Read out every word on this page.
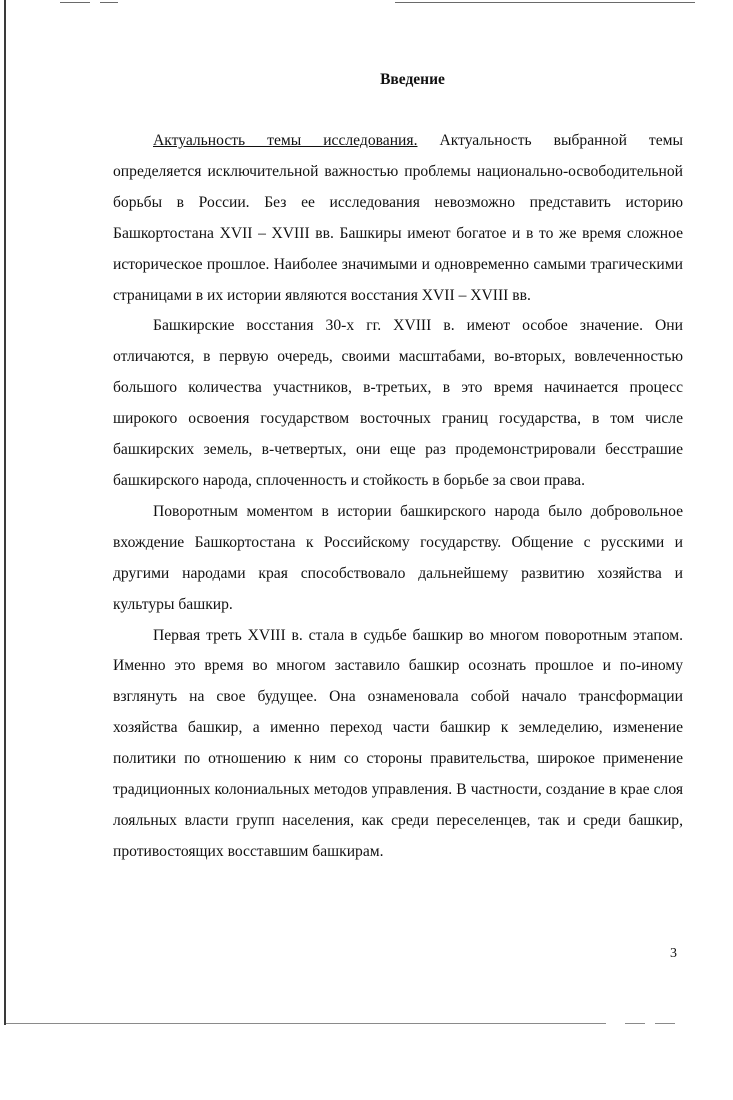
Введение

Актуальность темы исследования. Актуальность выбранной темы определяется исключительной важностью проблемы национально-освободительной борьбы в России. Без ее исследования невозможно представить историю Башкортостана XVII – XVIII вв. Башкиры имеют богатое и в то же время сложное историческое прошлое. Наиболее значимыми и одновременно самыми трагическими страницами в их истории являются восстания XVII – XVIII вв.

Башкирские восстания 30-х гг. XVIII в. имеют особое значение. Они отличаются, в первую очередь, своими масштабами, во-вторых, вовлеченностью большого количества участников, в-третьих, в это время начинается процесс широкого освоения государством восточных границ государства, в том числе башкирских земель, в-четвертых, они еще раз продемонстрировали бесстрашие башкирского народа, сплоченность и стойкость в борьбе за свои права.

Поворотным моментом в истории башкирского народа было добровольное вхождение Башкортостана к Российскому государству. Общение с русскими и другими народами края способствовало дальнейшему развитию хозяйства и культуры башкир.

Первая треть XVIII в. стала в судьбе башкир во многом поворотным этапом. Именно это время во многом заставило башкир осознать прошлое и по-иному взглянуть на свое будущее. Она ознаменовала собой начало трансформации хозяйства башкир, а именно переход части башкир к земледелию, изменение политики по отношению к ним со стороны правительства, широкое применение традиционных колониальных методов управления. В частности, создание в крае слоя лояльных власти групп населения, как среди переселенцев, так и среди башкир, противостоящих восставшим башкирам.

3
